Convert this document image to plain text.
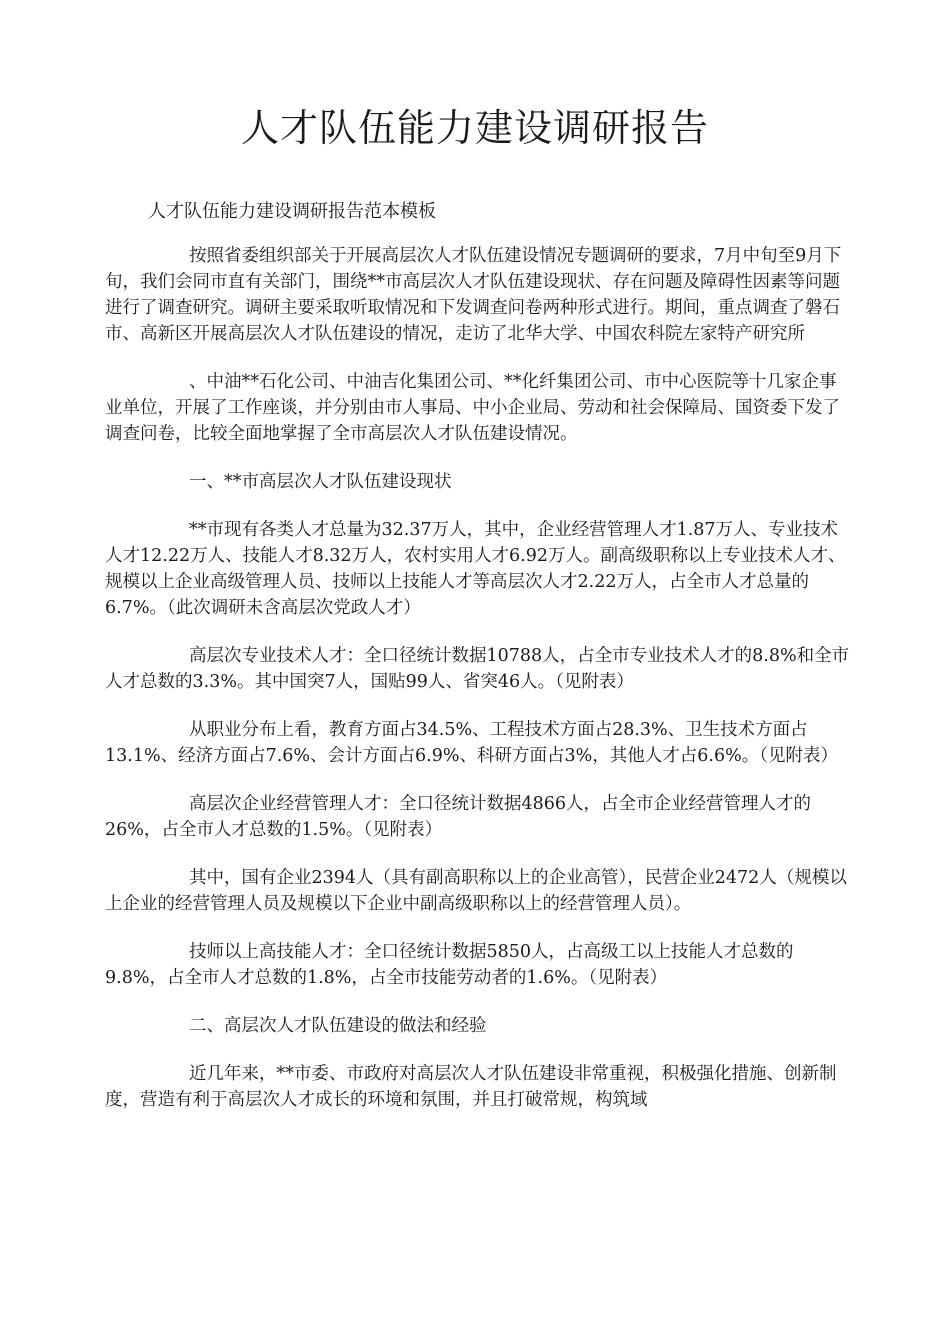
人才队伍能力建设调研报告
人才队伍能力建设调研报告范本模板

按照省委组织部关于开展高层次人才队伍建设情况专题调研的要求，7月中旬至9月下旬，我们会同市直有关部门，围绕**市高层次人才队伍建设现状、存在问题及障碍性因素等问题进行了调查研究。调研主要采取听取情况和下发调查问卷两种形式进行。期间，重点调查了磐石市、高新区开展高层次人才队伍建设的情况，走访了北华大学、中国农科院左家特产研究所

、中油**石化公司、中油吉化集团公司、**化纤集团公司、市中心医院等十几家企事业单位，开展了工作座谈，并分别由市人事局、中小企业局、劳动和社会保障局、国资委下发了调查问卷，比较全面地掌握了全市高层次人才队伍建设情况。

一、**市高层次人才队伍建设现状

**市现有各类人才总量为32.37万人，其中，企业经营管理人才1.87万人、专业技术人才12.22万人、技能人才8.32万人，农村实用人才6.92万人。副高级职称以上专业技术人才、规模以上企业高级管理人员、技师以上技能人才等高层次人才2.22万人，占全市人才总量的6.7%。（此次调研未含高层次党政人才）

高层次专业技术人才：全口径统计数据10788人，占全市专业技术人才的8.8%和全市人才总数的3.3%。其中国突7人，国贴99人、省突46人。（见附表）

从职业分布上看，教育方面占34.5%、工程技术方面占28.3%、卫生技术方面占13.1%、经济方面占7.6%、会计方面占6.9%、科研方面占3%，其他人才占6.6%。（见附表）

高层次企业经营管理人才：全口径统计数据4866人，占全市企业经营管理人才的26%，占全市人才总数的1.5%。（见附表）

其中，国有企业2394人（具有副高职称以上的企业高管），民营企业2472人（规模以上企业的经营管理人员及规模以下企业中副高级职称以上的经营管理人员）。

技师以上高技能人才：全口径统计数据5850人，占高级工以上技能人才总数的9.8%，占全市人才总数的1.8%，占全市技能劳动者的1.6%。（见附表）

二、高层次人才队伍建设的做法和经验

近几年来，**市委、市政府对高层次人才队伍建设非常重视，积极强化措施、创新制度，营造有利于高层次人才成长的环境和氛围，并且打破常规，构筑域
